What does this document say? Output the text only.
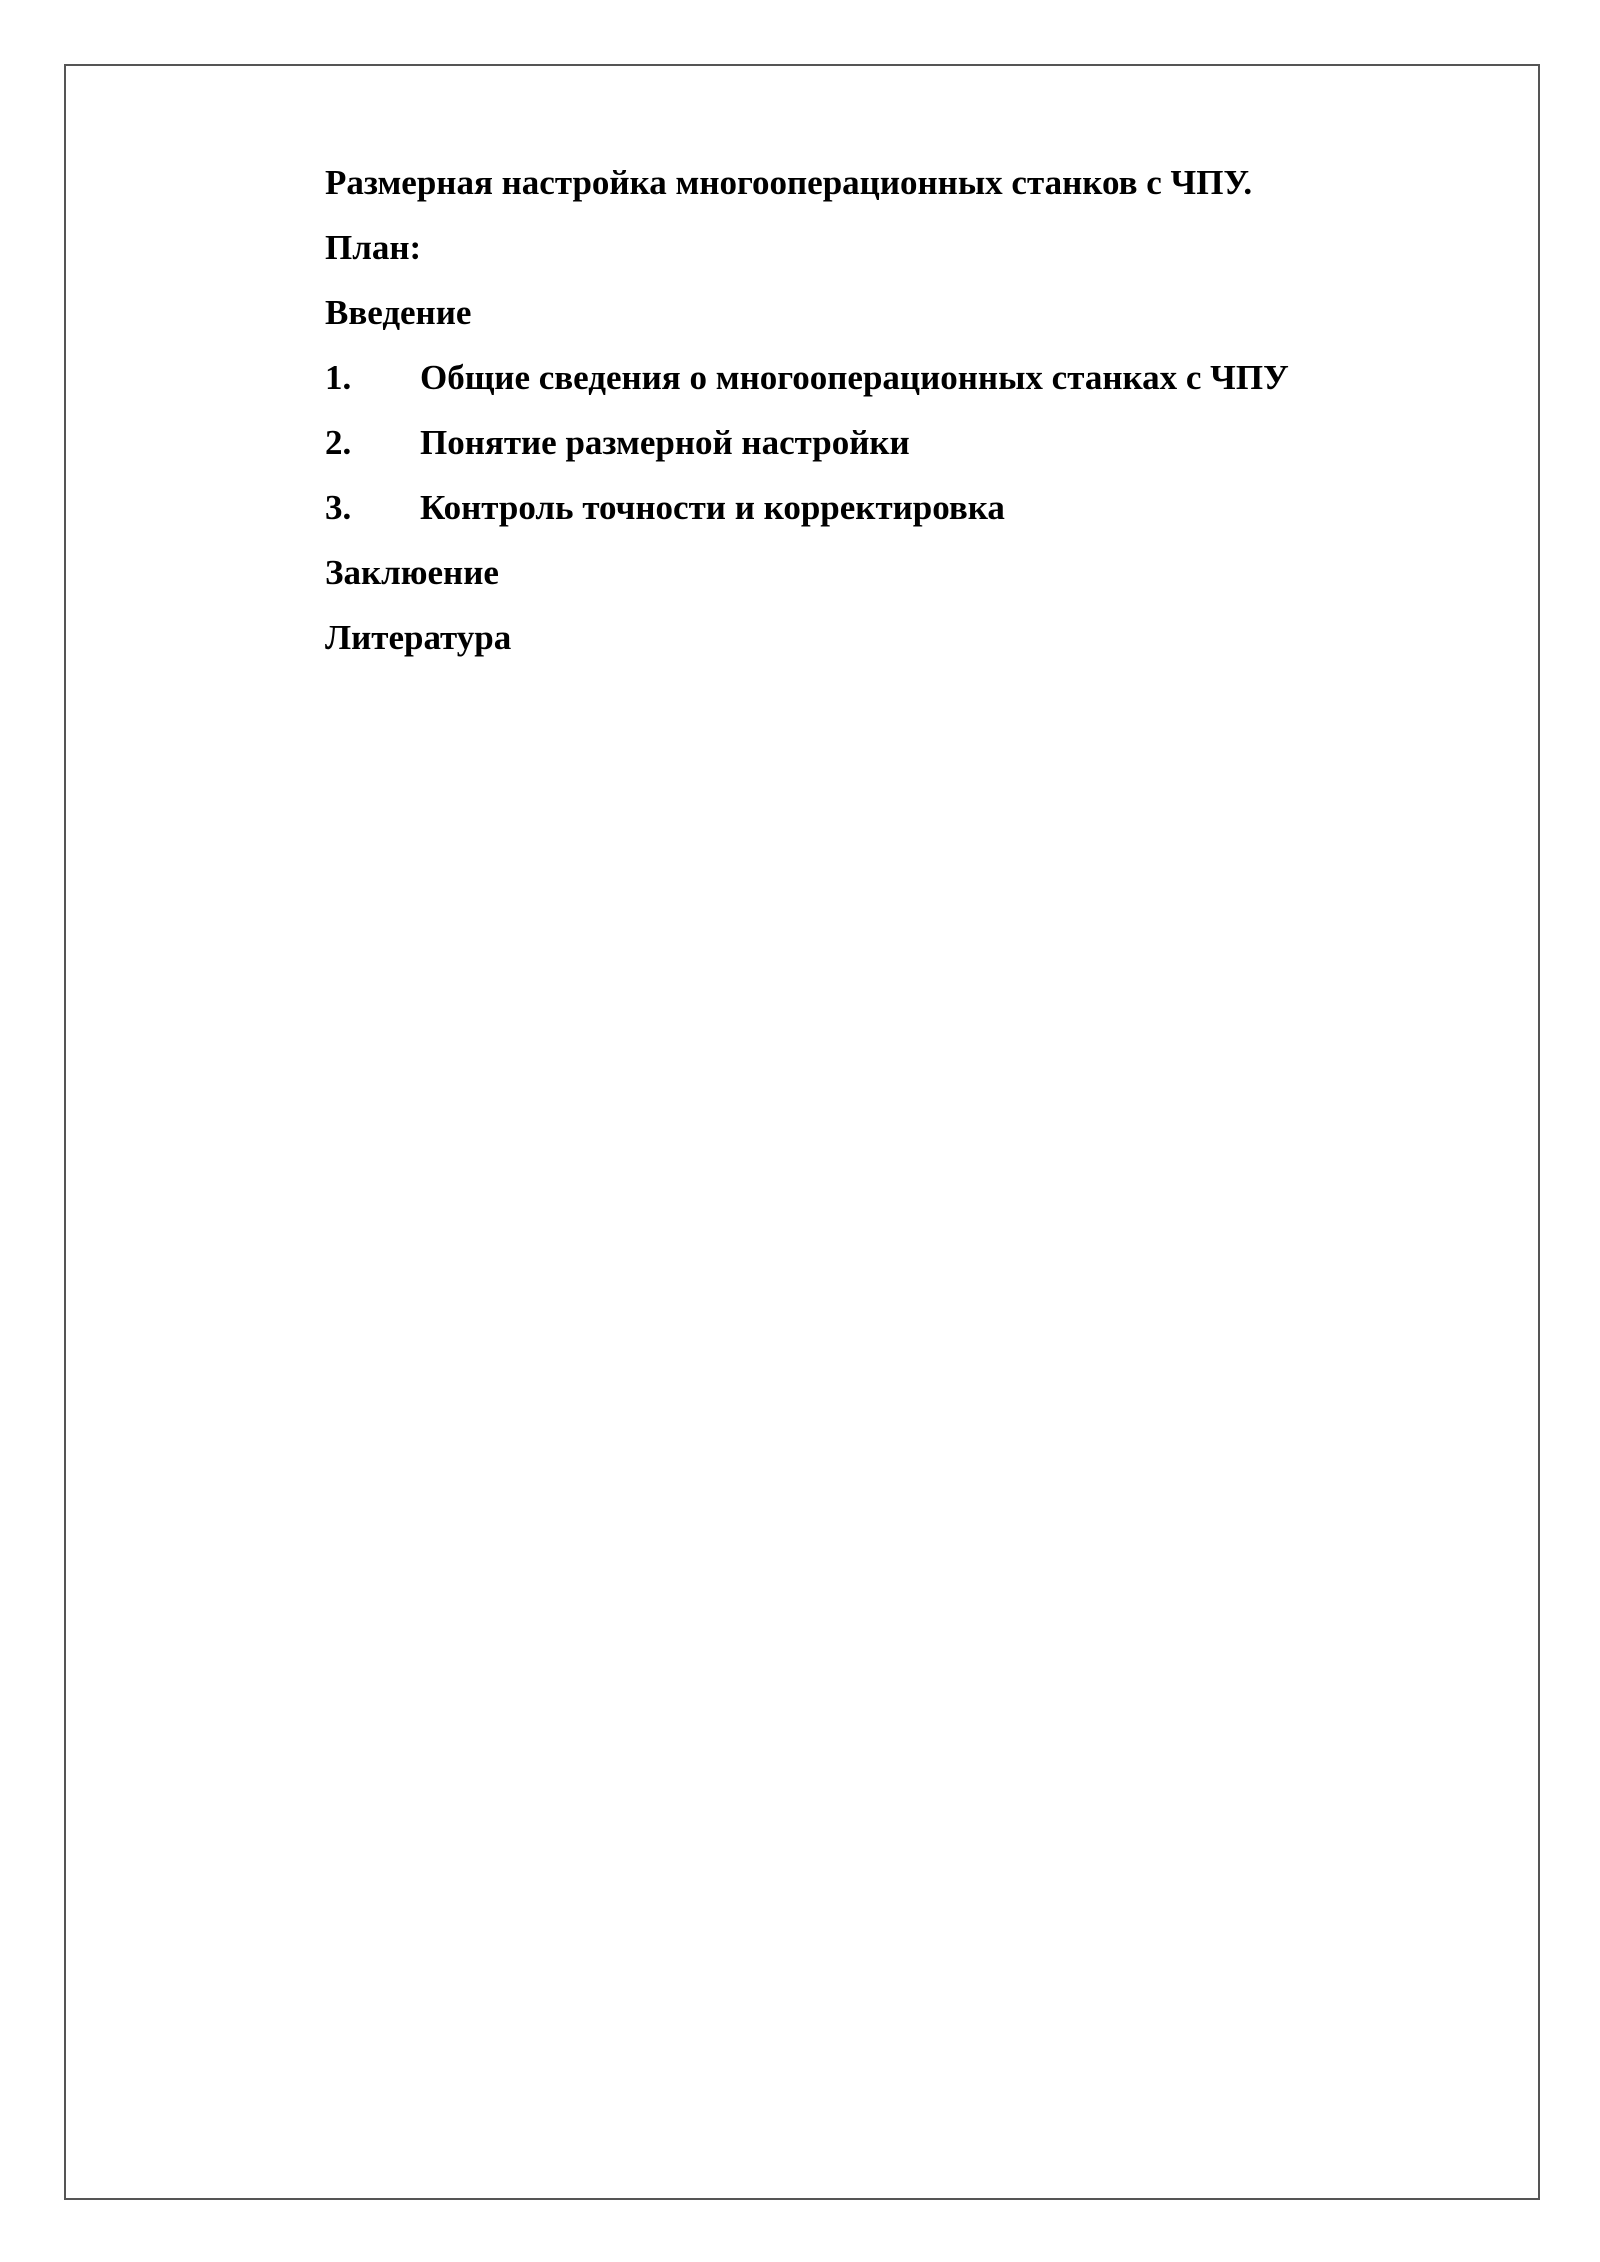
Размерная настройка многооперационных станков с ЧПУ.
План:
Введение
1.	Общие сведения о многооперационных станках с ЧПУ
2.	Понятие размерной настройки
3.	Контроль точности и корректировка
Заклюение
Литература
